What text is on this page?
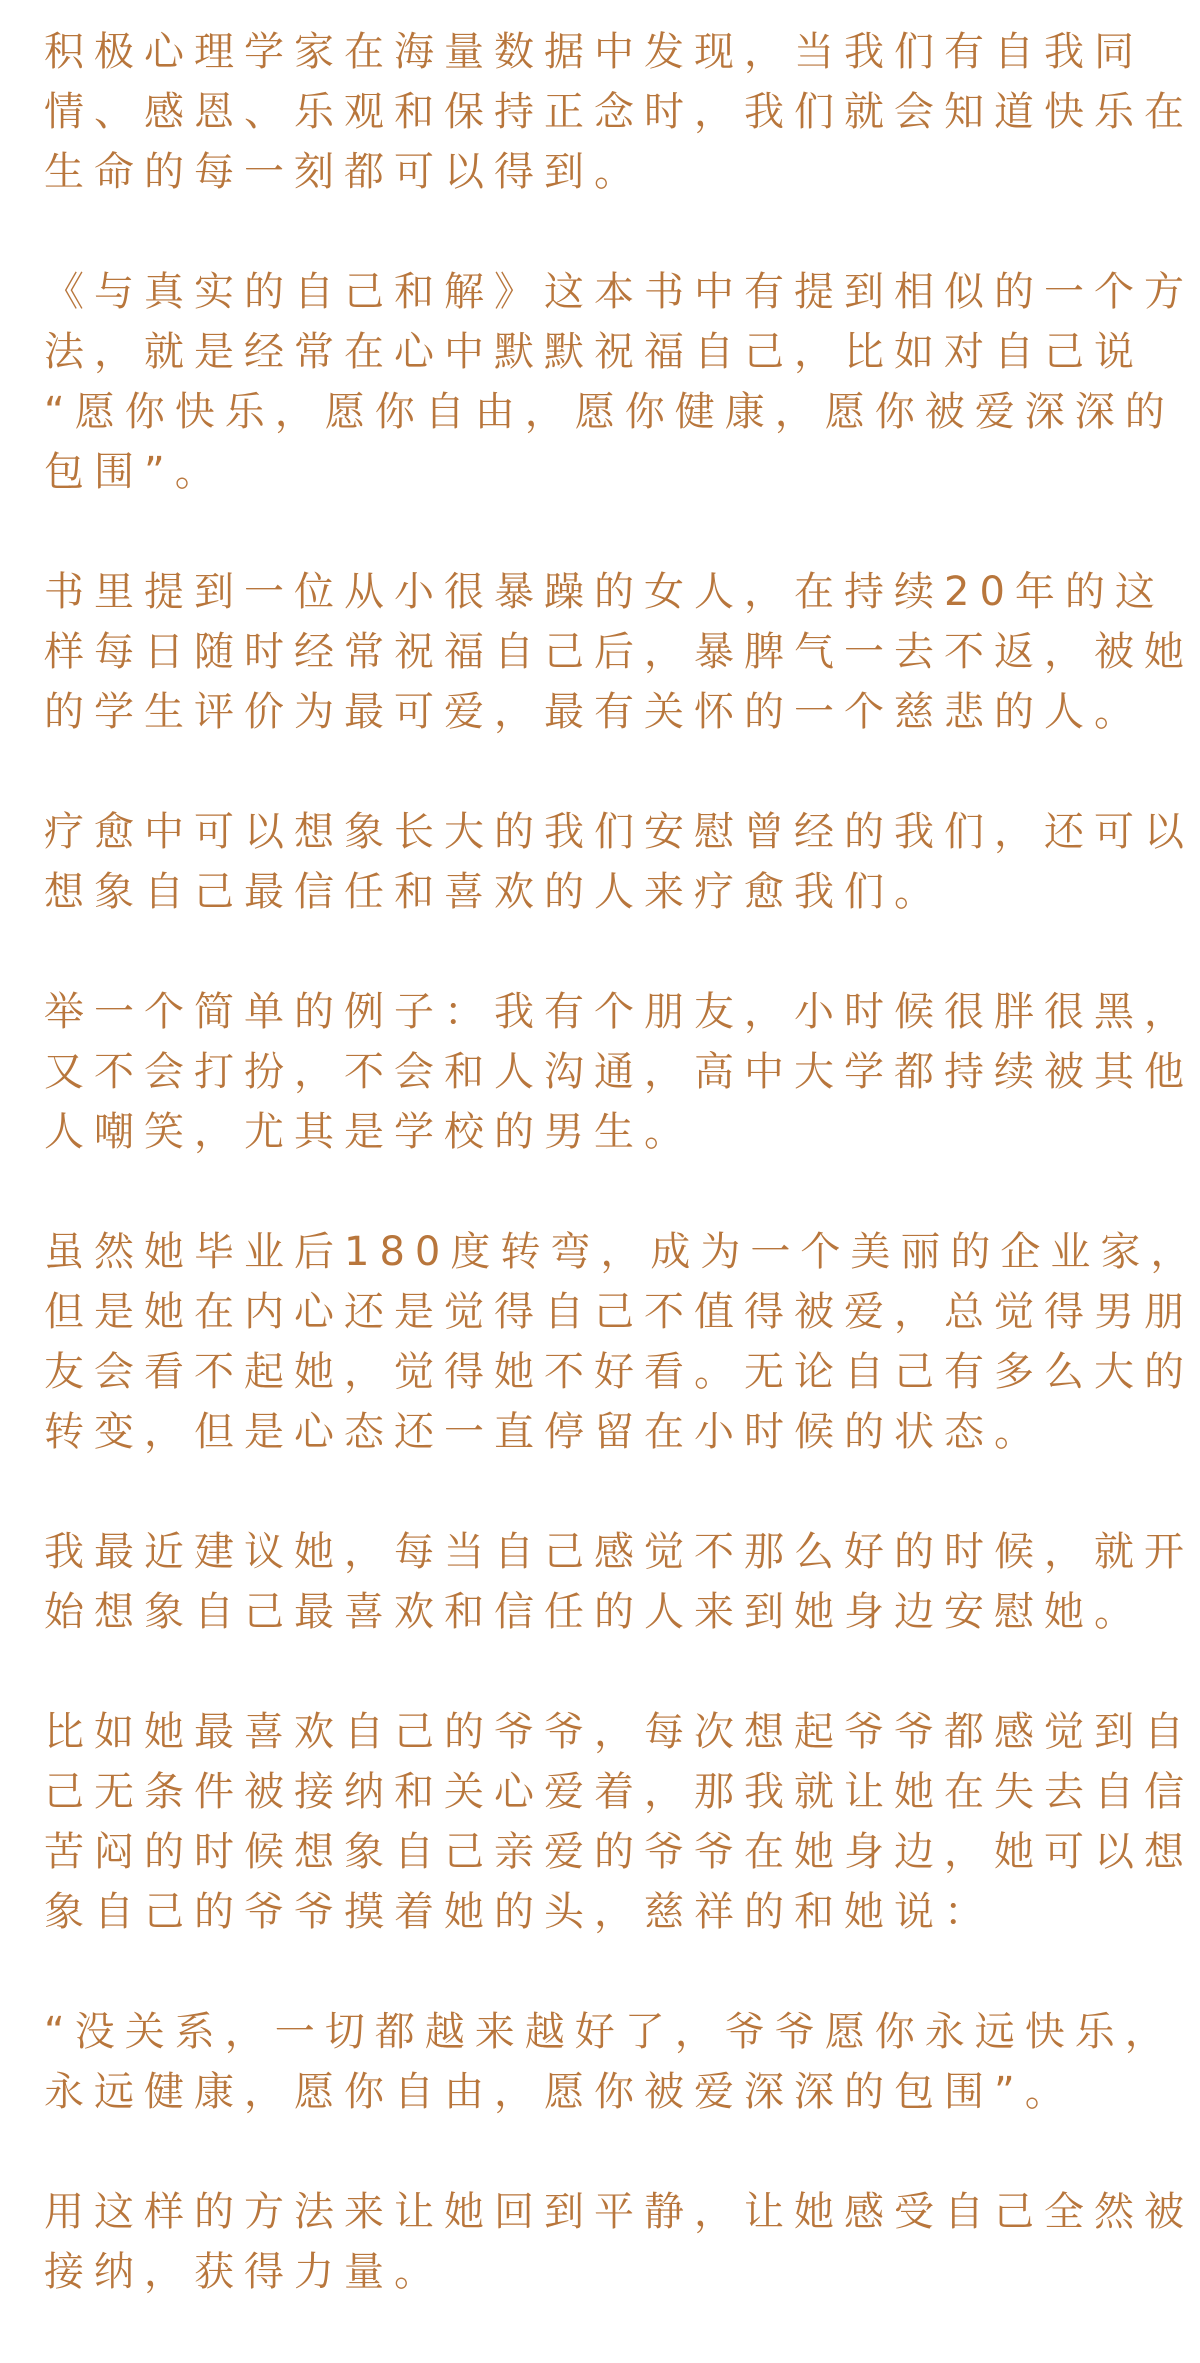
积极心理学家在海量数据中发现，当我们有自我同
情、感恩、乐观和保持正念时，我们就会知道快乐在
生命的每一刻都可以得到。

《与真实的自己和解》这本书中有提到相似的一个方
法，就是经常在心中默默祝福自己，比如对自己说
“愿你快乐，愿你自由，愿你健康，愿你被爱深深的
包围”。

书里提到一位从小很暴躁的女人，在持续20年的这
样每日随时经常祝福自己后，暴脾气一去不返，被她
的学生评价为最可爱，最有关怀的一个慈悲的人。

疗愈中可以想象长大的我们安慰曾经的我们，还可以
想象自己最信任和喜欢的人来疗愈我们。

举一个简单的例子：我有个朋友，小时候很胖很黑，
又不会打扮，不会和人沟通，高中大学都持续被其他
人嘲笑，尤其是学校的男生。

虽然她毕业后180度转弯，成为一个美丽的企业家，
但是她在内心还是觉得自己不值得被爱，总觉得男朋
友会看不起她，觉得她不好看。无论自己有多么大的
转变，但是心态还一直停留在小时候的状态。

我最近建议她，每当自己感觉不那么好的时候，就开
始想象自己最喜欢和信任的人来到她身边安慰她。

比如她最喜欢自己的爷爷，每次想起爷爷都感觉到自
己无条件被接纳和关心爱着，那我就让她在失去自信
苦闷的时候想象自己亲爱的爷爷在她身边，她可以想
象自己的爷爷摸着她的头，慈祥的和她说：

“没关系，一切都越来越好了，爷爷愿你永远快乐，
永远健康，愿你自由，愿你被爱深深的包围”。

用这样的方法来让她回到平静，让她感受自己全然被
接纳，获得力量。
